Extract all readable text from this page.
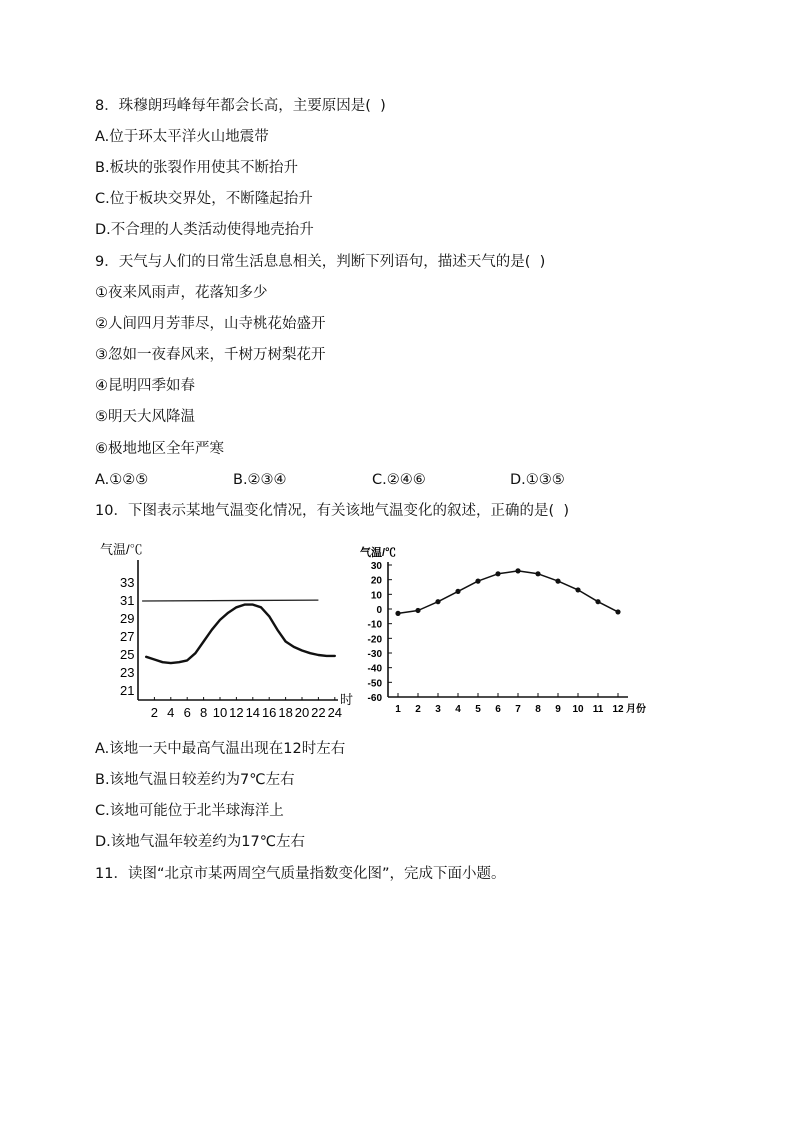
8．珠穆朗玛峰每年都会长高，主要原因是(  )
A.位于环太平洋火山地震带
B.板块的张裂作用使其不断抬升
C.位于板块交界处，不断隆起抬升
D.不合理的人类活动使得地壳抬升
9．天气与人们的日常生活息息相关，判断下列语句，描述天气的是(  )
①夜来风雨声，花落知多少
②人间四月芳菲尽，山寺桃花始盛开
③忽如一夜春风来，千树万树梨花开
④昆明四季如春
⑤明天大风降温
⑥极地地区全年严寒
A.①②⑤	B.②③④	C.②④⑥	D.①③⑤
10．下图表示某地气温变化情况，有关该地气温变化的叙述，正确的是(  )
气温/℃
时
21
23
25
27
29
31
33
2 4 6 8 10 12 14 16 18 20 22 24
气温/℃
30
20
10
0
-10
-20
-30
-40
-50
-60
1 2 3 4 5 6 7 8 9 10 11 12 月份
A.该地一天中最高气温出现在12时左右
B.该地气温日较差约为7℃左右
C.该地可能位于北半球海洋上
D.该地气温年较差约为17℃左右
11．读图“北京市某两周空气质量指数变化图”，完成下面小题。
